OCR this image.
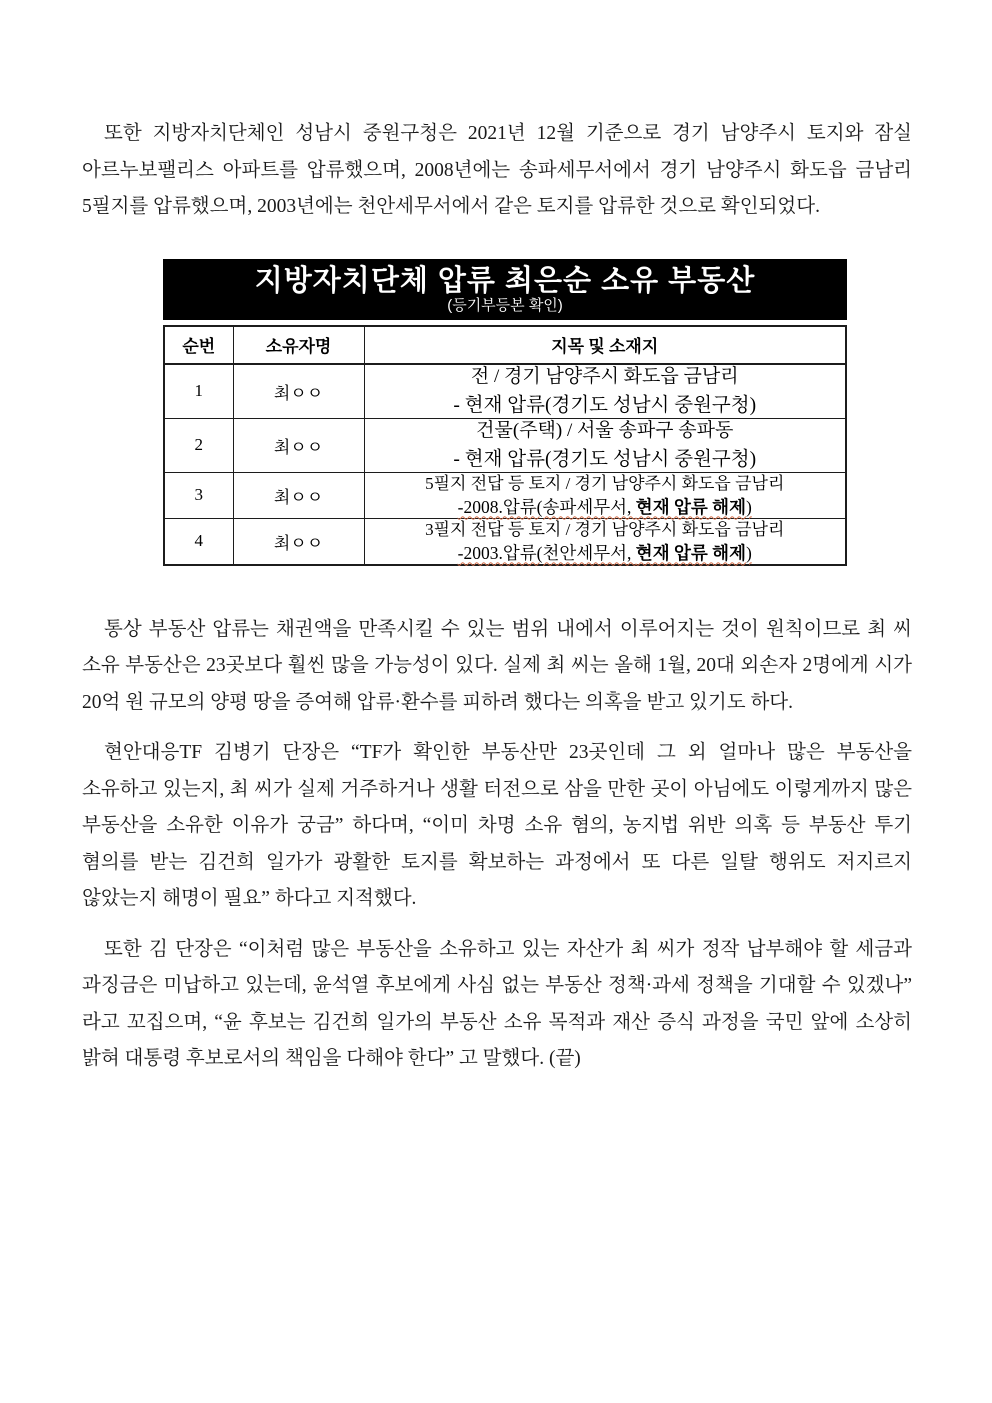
또한 지방자치단체인 성남시 중원구청은 2021년 12월 기준으로 경기 남양주시 토지와 잠실 아르누보팰리스 아파트를 압류했으며, 2008년에는 송파세무서에서 경기 남양주시 화도읍 금남리 5필지를 압류했으며, 2003년에는 천안세무서에서 같은 토지를 압류한 것으로 확인되었다.

지방자치단체 압류 최은순 소유 부동산
(등기부등본 확인)
순번	소유자명	지목 및 소재지
1	최ㅇㅇ	전 / 경기 남양주시 화도읍 금남리
- 현재 압류(경기도 성남시 중원구청)

2	최ㅇㅇ	건물(주택) / 서울 송파구 송파동
- 현재 압류(경기도 성남시 중원구청)

3	최ㅇㅇ	5필지 전답 등 토지 / 경기 남양주시 화도읍 금남리
-2008.압류(송파세무서, 현재 압류 해제)

4	최ㅇㅇ	3필지 전답 등 토지 / 경기 남양주시 화도읍 금남리
-2003.압류(천안세무서, 현재 압류 해제)

통상 부동산 압류는 채권액을 만족시킬 수 있는 범위 내에서 이루어지는 것이 원칙이므로 최 씨 소유 부동산은 23곳보다 훨씬 많을 가능성이 있다. 실제 최 씨는 올해 1월, 20대 외손자 2명에게 시가 20억 원 규모의 양평 땅을 증여해 압류·환수를 피하려 했다는 의혹을 받고 있기도 하다.

현안대응TF 김병기 단장은 “TF가 확인한 부동산만 23곳인데 그 외 얼마나 많은 부동산을 소유하고 있는지, 최 씨가 실제 거주하거나 생활 터전으로 삼을 만한 곳이 아님에도 이렇게까지 많은 부동산을 소유한 이유가 궁금” 하다며, “이미 차명 소유 혐의, 농지법 위반 의혹 등 부동산 투기 혐의를 받는 김건희 일가가 광활한 토지를 확보하는 과정에서 또 다른 일탈 행위도 저지르지 않았는지 해명이 필요” 하다고 지적했다.

또한 김 단장은 “이처럼 많은 부동산을 소유하고 있는 자산가 최 씨가 정작 납부해야 할 세금과 과징금은 미납하고 있는데, 윤석열 후보에게 사심 없는 부동산 정책·과세 정책을 기대할 수 있겠나” 라고 꼬집으며, “윤 후보는 김건희 일가의 부동산 소유 목적과 재산 증식 과정을 국민 앞에 소상히 밝혀 대통령 후보로서의 책임을 다해야 한다” 고 말했다. (끝)
